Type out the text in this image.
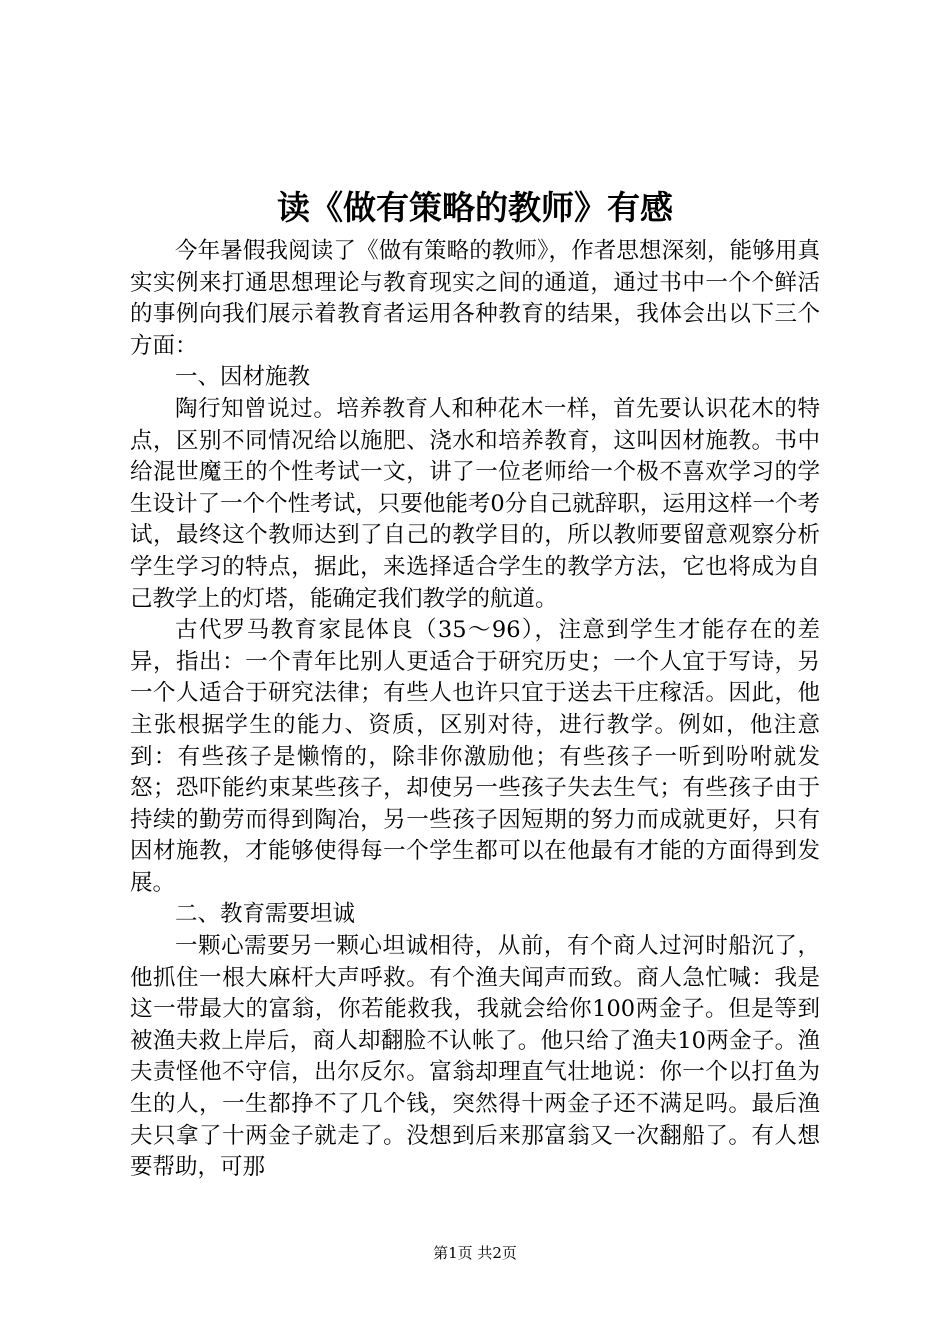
读《做有策略的教师》有感

今年暑假我阅读了《做有策略的教师》，作者思想深刻，能够用真实实例来打通思想理论与教育现实之间的通道，通过书中一个个鲜活的事例向我们展示着教育者运用各种教育的结果，我体会出以下三个方面：

一、因材施教

陶行知曾说过。培养教育人和种花木一样，首先要认识花木的特点，区别不同情况给以施肥、浇水和培养教育，这叫因材施教。书中给混世魔王的个性考试一文，讲了一位老师给一个极不喜欢学习的学生设计了一个个性考试，只要他能考0分自己就辞职，运用这样一个考试，最终这个教师达到了自己的教学目的，所以教师要留意观察分析学生学习的特点，据此，来选择适合学生的教学方法，它也将成为自己教学上的灯塔，能确定我们教学的航道。

古代罗马教育家昆体良（35～96），注意到学生才能存在的差异，指出：一个青年比别人更适合于研究历史；一个人宜于写诗，另一个人适合于研究法律；有些人也许只宜于送去干庄稼活。因此，他主张根据学生的能力、资质，区别对待，进行教学。例如，他注意到：有些孩子是懒惰的，除非你激励他；有些孩子一听到吩咐就发怒；恐吓能约束某些孩子，却使另一些孩子失去生气；有些孩子由于持续的勤劳而得到陶冶，另一些孩子因短期的努力而成就更好，只有因材施教，才能够使得每一个学生都可以在他最有才能的方面得到发展。

二、教育需要坦诚

一颗心需要另一颗心坦诚相待，从前，有个商人过河时船沉了，他抓住一根大麻杆大声呼救。有个渔夫闻声而致。商人急忙喊：我是这一带最大的富翁，你若能救我，我就会给你100两金子。但是等到被渔夫救上岸后，商人却翻脸不认帐了。他只给了渔夫10两金子。渔夫责怪他不守信，出尔反尔。富翁却理直气壮地说：你一个以打鱼为生的人，一生都挣不了几个钱，突然得十两金子还不满足吗。最后渔夫只拿了十两金子就走了。没想到后来那富翁又一次翻船了。有人想要帮助，可那

第1页 共2页
